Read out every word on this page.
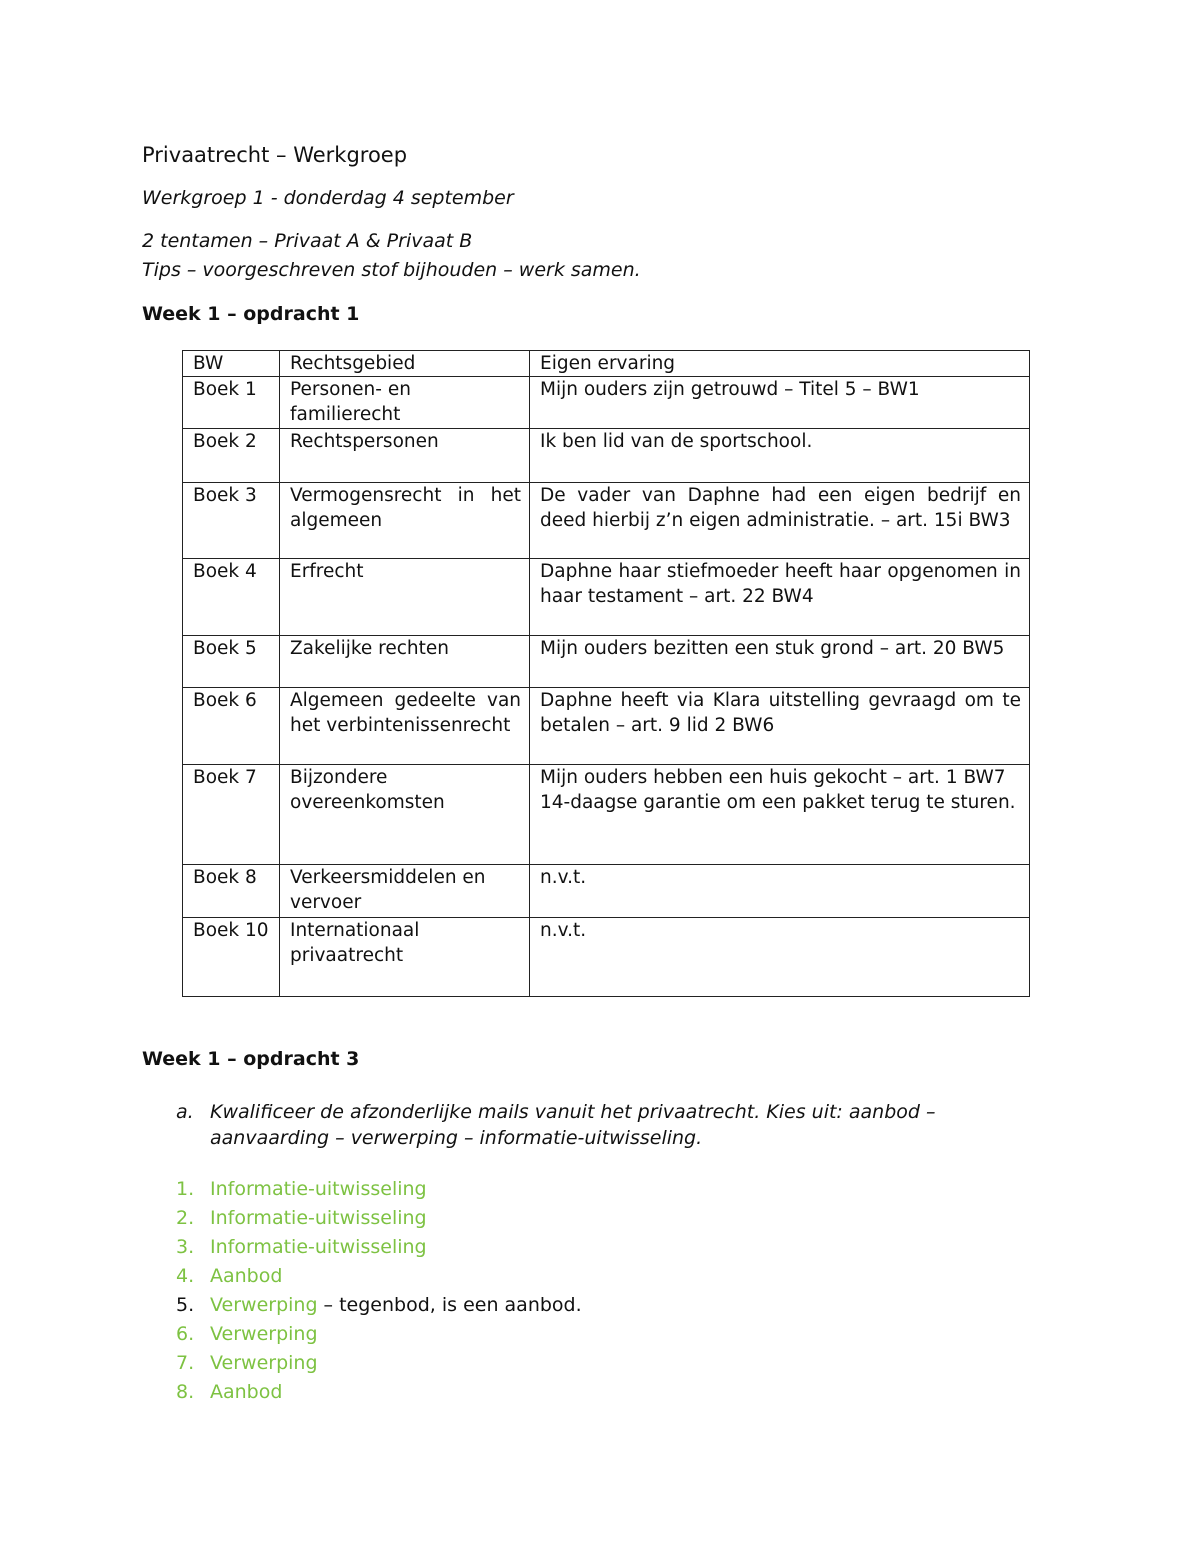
Privaatrecht – Werkgroep

Werkgroep 1 - donderdag 4 september

2 tentamen – Privaat A & Privaat B

Tips – voorgeschreven stof bijhouden – werk samen.

Week 1 – opdracht 1

BW	Rechtsgebied	Eigen ervaring
Boek 1	Personen- en familierecht	Mijn ouders zijn getrouwd – Titel 5 – BW1
Boek 2	Rechtspersonen	Ik ben lid van de sportschool.
Boek 3	Vermogensrecht in het algemeen	De vader van Daphne had een eigen bedrijf en deed hierbij z’n eigen administratie. – art. 15i BW3
Boek 4	Erfrecht	Daphne haar stiefmoeder heeft haar opgenomen in haar testament – art. 22 BW4
Boek 5	Zakelijke rechten	Mijn ouders bezitten een stuk grond – art. 20 BW5
Boek 6	Algemeen gedeelte van het verbintenissenrecht	Daphne heeft via Klara uitstelling gevraagd om te betalen – art. 9 lid 2 BW6
Boek 7	Bijzondere overeenkomsten	Mijn ouders hebben een huis gekocht – art. 1 BW7
14-daagse garantie om een pakket terug te sturen.

Boek 8	Verkeersmiddelen en vervoer	n.v.t.
Boek 10	Internationaal privaatrecht	n.v.t.

Week 1 – opdracht 3

a. Kwalificeer de afzonderlijke mails vanuit het privaatrecht. Kies uit: aanbod – aanvaarding – verwerping – informatie-uitwisseling.
1. Informatie-uitwisseling
2. Informatie-uitwisseling
3. Informatie-uitwisseling
4. Aanbod
5. Verwerping – tegenbod, is een aanbod.
6. Verwerping
7. Verwerping
8. Aanbod
